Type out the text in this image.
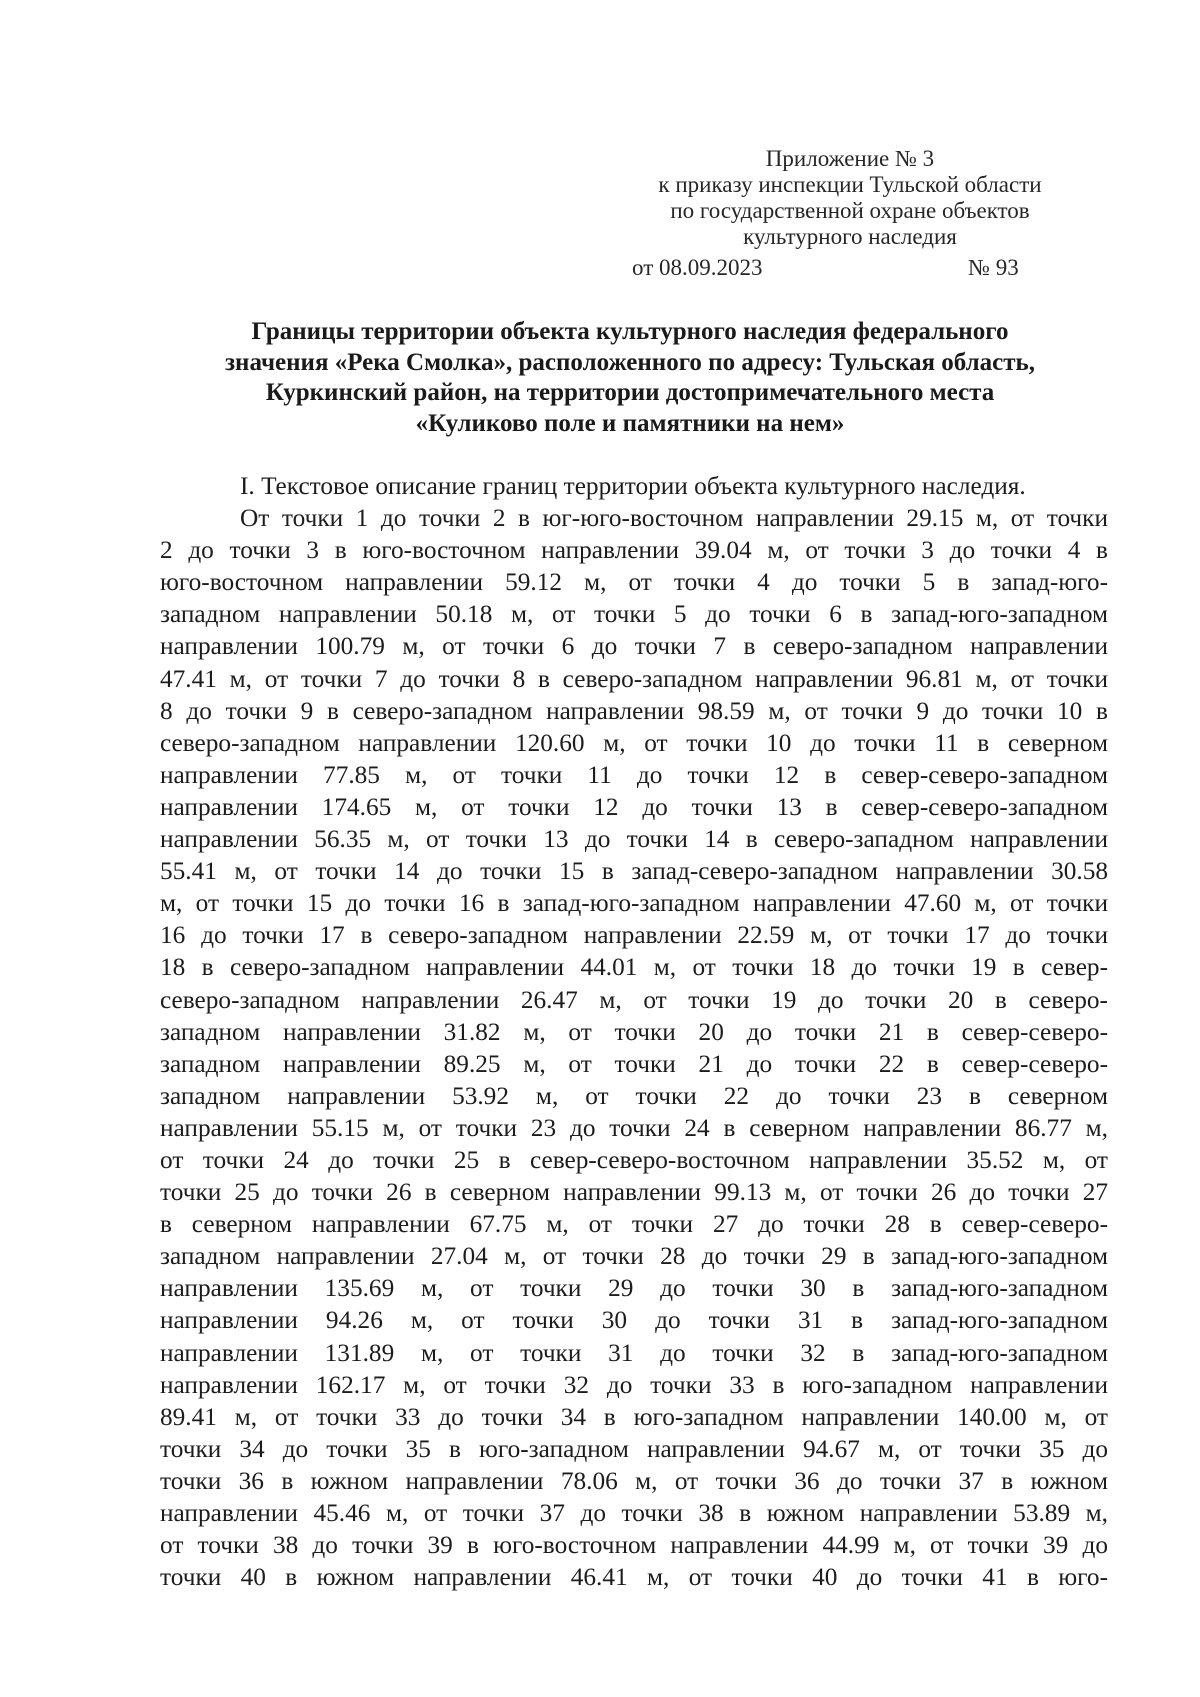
Приложение № 3
к приказу инспекции Тульской области
по государственной охране объектов
культурного наследия
от 08.09.2023	№ 93
Границы территории объекта культурного наследия федерального
значения «Река Смолка», расположенного по адресу: Тульская область,
Куркинский район, на территории достопримечательного места
«Куликово поле и памятники на нем»
I. Текстовое описание границ территории объекта культурного наследия.
От точки 1 до точки 2 в юг-юго-восточном направлении 29.15 м, от точки
2 до точки 3 в юго-восточном направлении 39.04 м, от точки 3 до точки 4 в
юго-восточном направлении 59.12 м, от точки 4 до точки 5 в запад-юго-
западном направлении 50.18 м, от точки 5 до точки 6 в запад-юго-западном
направлении 100.79 м, от точки 6 до точки 7 в северо-западном направлении
47.41 м, от точки 7 до точки 8 в северо-западном направлении 96.81 м, от точки
8 до точки 9 в северо-западном направлении 98.59 м, от точки 9 до точки 10 в
северо-западном направлении 120.60 м, от точки 10 до точки 11 в северном
направлении 77.85 м, от точки 11 до точки 12 в север-северо-западном
направлении 174.65 м, от точки 12 до точки 13 в север-северо-западном
направлении 56.35 м, от точки 13 до точки 14 в северо-западном направлении
55.41 м, от точки 14 до точки 15 в запад-северо-западном направлении 30.58
м, от точки 15 до точки 16 в запад-юго-западном направлении 47.60 м, от точки
16 до точки 17 в северо-западном направлении 22.59 м, от точки 17 до точки
18 в северо-западном направлении 44.01 м, от точки 18 до точки 19 в север-
северо-западном направлении 26.47 м, от точки 19 до точки 20 в северо-
западном направлении 31.82 м, от точки 20 до точки 21 в север-северо-
западном направлении 89.25 м, от точки 21 до точки 22 в север-северо-
западном направлении 53.92 м, от точки 22 до точки 23 в северном
направлении 55.15 м, от точки 23 до точки 24 в северном направлении 86.77 м,
от точки 24 до точки 25 в север-северо-восточном направлении 35.52 м, от
точки 25 до точки 26 в северном направлении 99.13 м, от точки 26 до точки 27
в северном направлении 67.75 м, от точки 27 до точки 28 в север-северо-
западном направлении 27.04 м, от точки 28 до точки 29 в запад-юго-западном
направлении 135.69 м, от точки 29 до точки 30 в запад-юго-западном
направлении 94.26 м, от точки 30 до точки 31 в запад-юго-западном
направлении 131.89 м, от точки 31 до точки 32 в запад-юго-западном
направлении 162.17 м, от точки 32 до точки 33 в юго-западном направлении
89.41 м, от точки 33 до точки 34 в юго-западном направлении 140.00 м, от
точки 34 до точки 35 в юго-западном направлении 94.67 м, от точки 35 до
точки 36 в южном направлении 78.06 м, от точки 36 до точки 37 в южном
направлении 45.46 м, от точки 37 до точки 38 в южном направлении 53.89 м,
от точки 38 до точки 39 в юго-восточном направлении 44.99 м, от точки 39 до
точки 40 в южном направлении 46.41 м, от точки 40 до точки 41 в юго-
